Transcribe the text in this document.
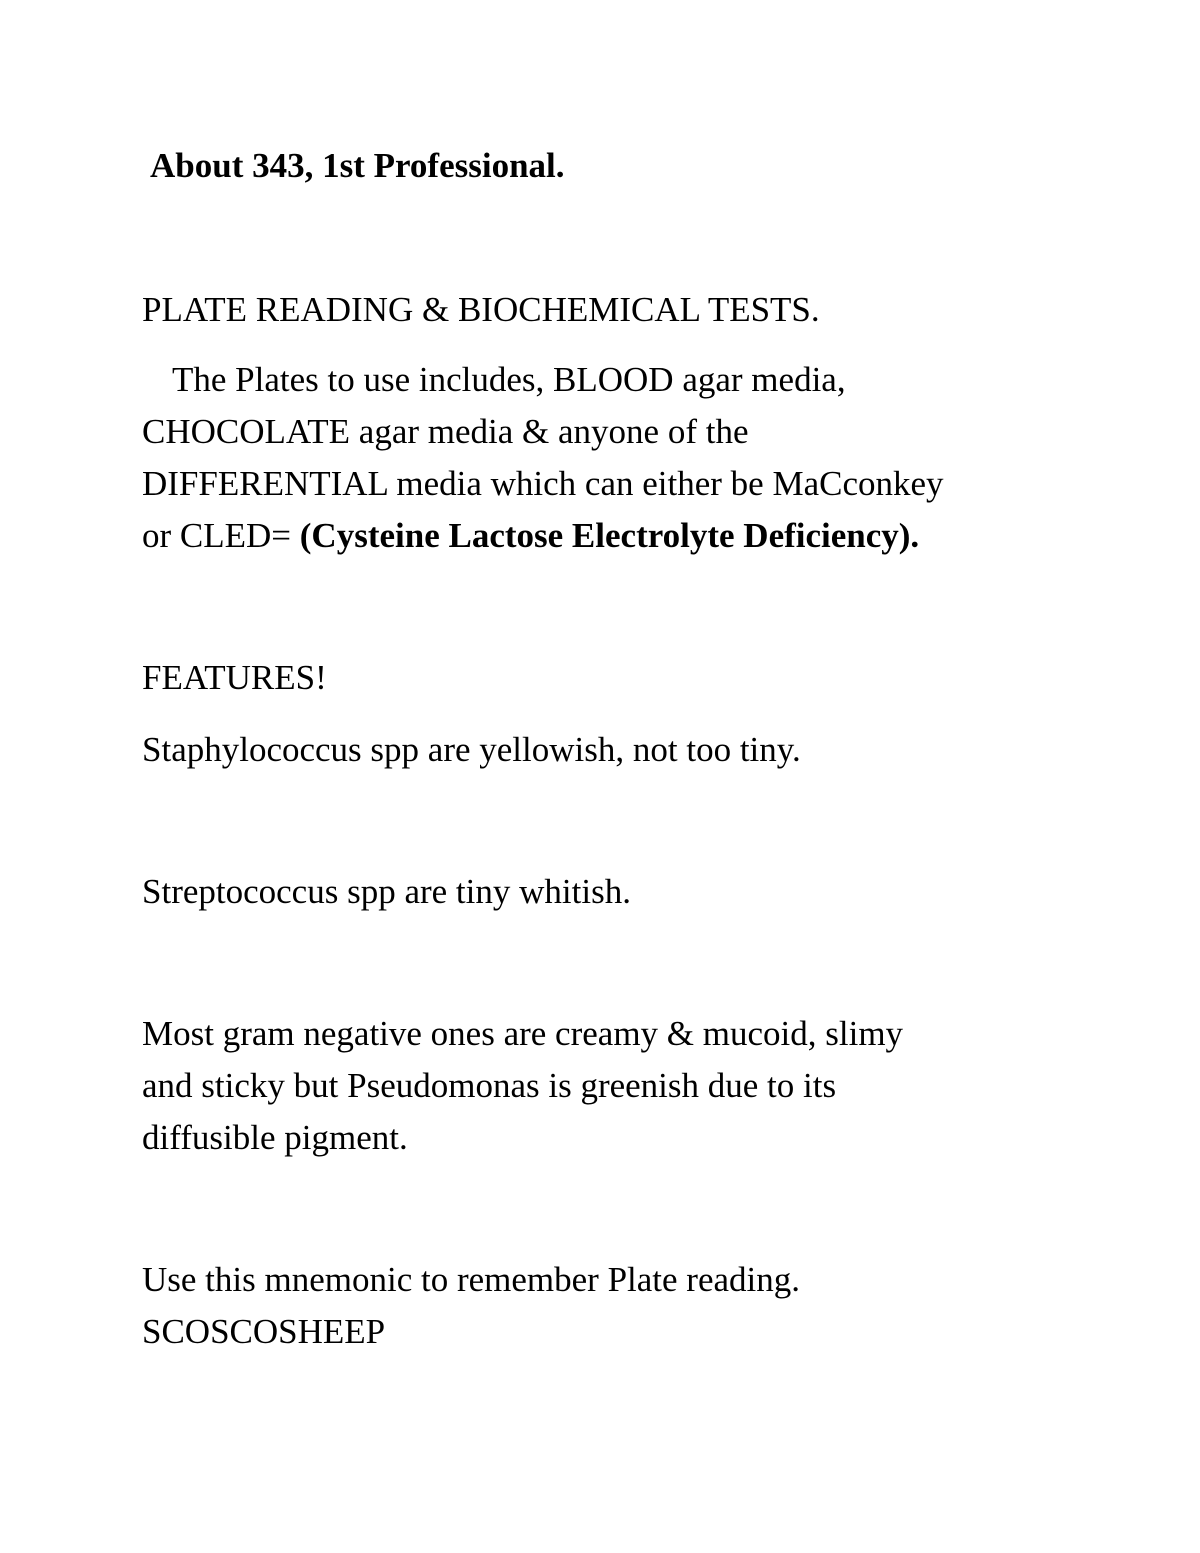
About 343, 1st Professional.
PLATE READING & BIOCHEMICAL TESTS.
The Plates to use includes, BLOOD agar media,
CHOCOLATE agar media & anyone of the
DIFFERENTIAL media which can either be MaCconkey
or CLED= (Cysteine Lactose Electrolyte Deficiency).
FEATURES!
Staphylococcus spp are yellowish, not too tiny.
Streptococcus spp are tiny whitish.
Most gram negative ones are creamy & mucoid, slimy
and sticky but Pseudomonas is greenish due to its
diffusible pigment.
Use this mnemonic to remember Plate reading.
SCOSCOSHEEP
